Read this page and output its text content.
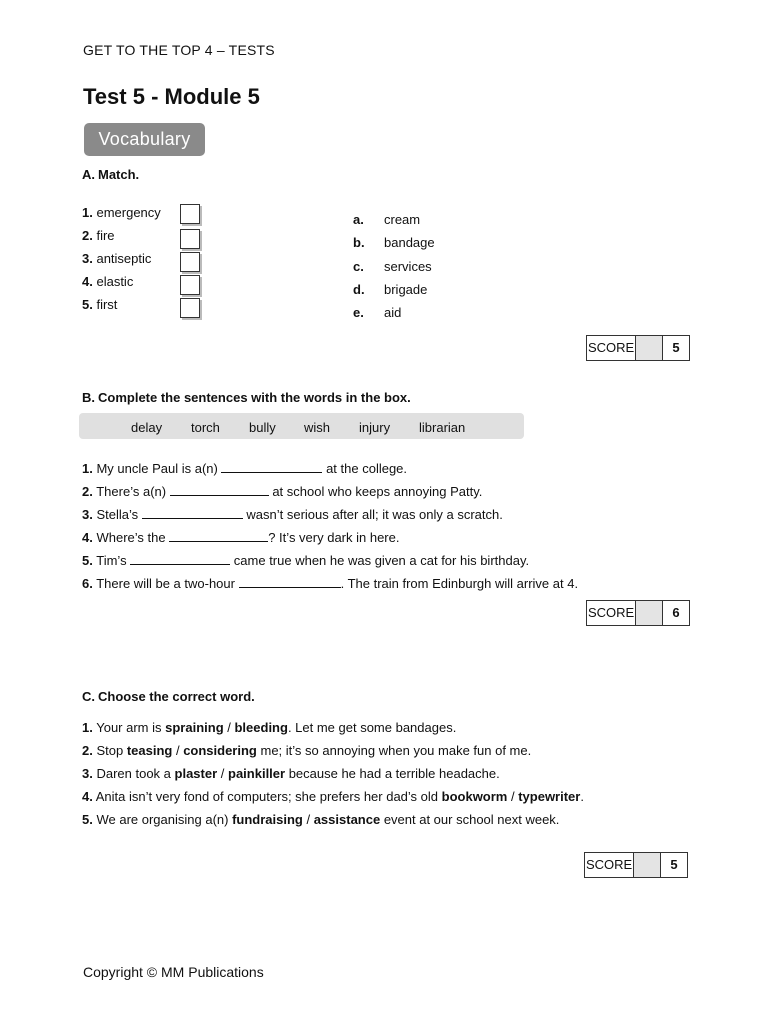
GET TO THE TOP 4 – TESTS
Test 5 - Module 5
Vocabulary
A. Match.
1. emergency
2. fire
3. antiseptic
4. elastic
5. first
a. cream
b. bandage
c. services
d. brigade
e. aid
SCORE	5
B. Complete the sentences with the words in the box.
delay torch bully wish injury librarian
1. My uncle Paul is a(n)	at the college.
2. There’s a(n)	at school who keeps annoying Patty.
3. Stella’s	wasn’t serious after all; it was only a scratch.
4. Where’s the	? It’s very dark in here.
5. Tim’s	came true when he was given a cat for his birthday.
6. There will be a two-hour	. The train from Edinburgh will arrive at 4.
SCORE	6
C. Choose the correct word.
1. Your arm is spraining / bleeding. Let me get some bandages.
2. Stop teasing / considering me; it’s so annoying when you make fun of me.
3. Daren took a plaster / painkiller because he had a terrible headache.
4. Anita isn’t very fond of computers; she prefers her dad’s old bookworm / typewriter.
5. We are organising a(n) fundraising / assistance event at our school next week.
SCORE	5
Copyright © MM Publications
